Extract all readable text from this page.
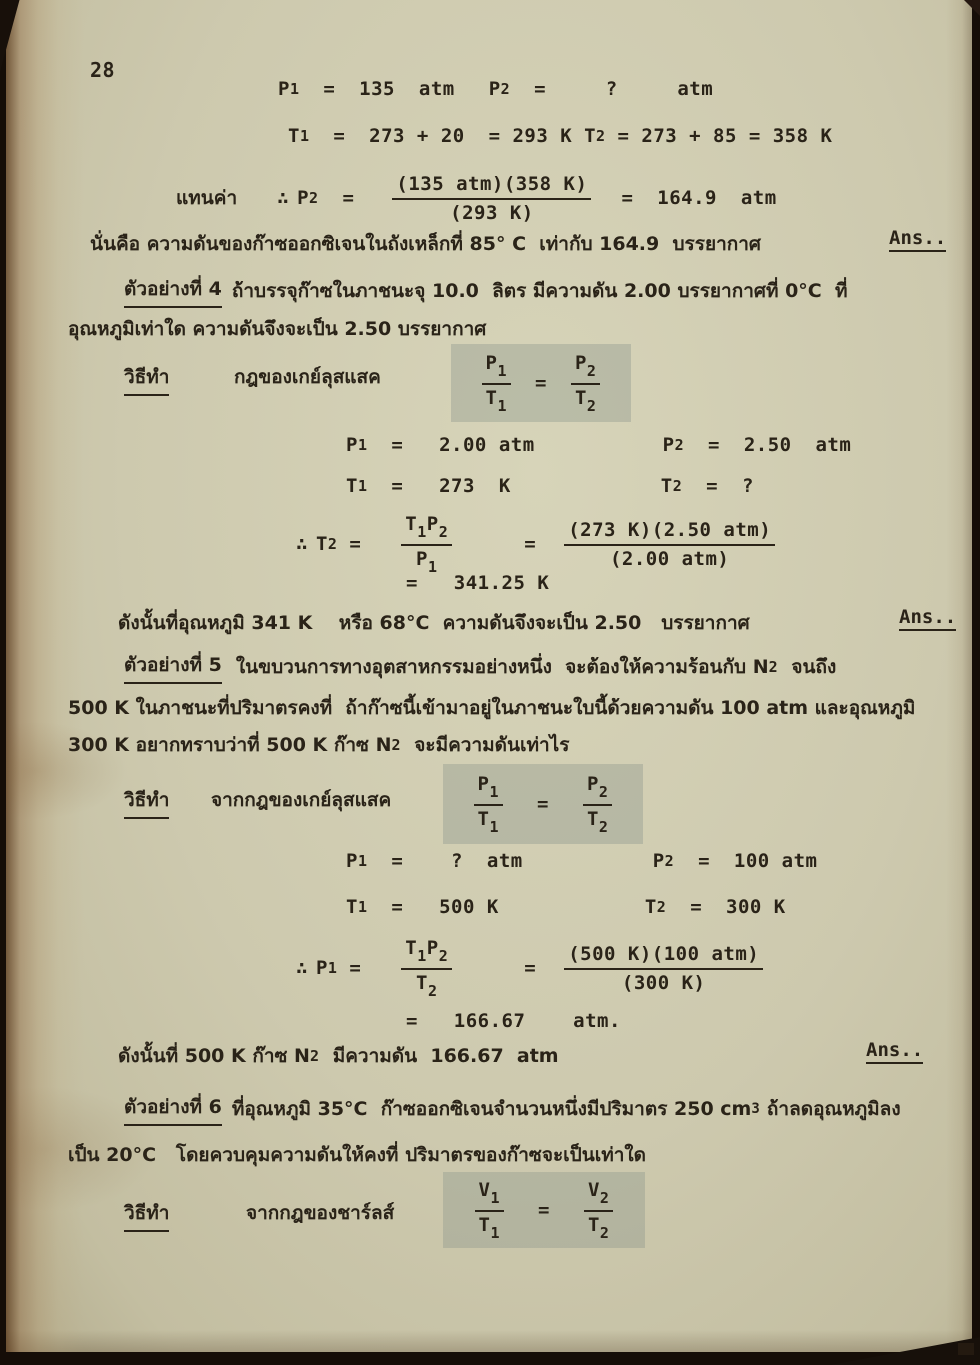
28
P 1 =  135  atm P 2 =     ?     atm
T 1 =  273 + 20  = 293 K T 2 = 273 + 85 = 358 K
แทนค่า ∴ P $2 = \frac{\text{(135 atm)(358 K)}}{(293 K)} = 164.9$  atm
นั่นคือ ความดันของก๊าซออกซิเจนในถังเหล็กที่ 85° C  เท่ากับ 164.9  บรรยากาศ	Ans..
ตัวอย่างที่ 4 ถ้าบรรจุก๊าซในภาชนะจุ 10.0  ลิตร มีความดัน 2.00 บรรยากาศที่ 0°C  ที่
อุณหภูมิเท่าใด ความดันจึงจะเป็น 2.50 บรรยากาศ
วิธีทำ	กฎของเกย์ลุสแสค	$\frac{P_1}{T_1} = \frac{P_2}{T_2}$
P 1 =   2.00 atm	P 2 =  2.50  atm
T 1 =   273  K	T 2 =  ?
∴ T $2 = \frac{T_1P_2}{P_1}$	= $\frac{\text{(273 K)(2.50 atm)}}{\text{(2.00 atm)}}$
=   341.25 K
ดังนั้นที่อุณหภูมิ 341 K    หรือ 68°C  ความดันจึงจะเป็น 2.50   บรรยากาศ	Ans..
ตัวอย่างที่ 5 ในขบวนการทางอุตสาหกรรมอย่างหนึ่ง  จะต้องให้ความร้อนกับ N 2 จนถึง
500 K ในภาชนะที่ปริมาตรคงที่  ถ้าก๊าซนี้เข้ามาอยู่ในภาชนะใบนี้ด้วยความดัน 100 atm และอุณหภูมิ
300 K อยากทราบว่าที่ 500 K ก๊าซ N 2 จะมีความดันเท่าไร
วิธีทำ จากกฎของเกย์ลุสแสค	$\frac{P_1}{T_1} = \frac{P_2}{T_2}$
P 1 =    ?  atm	P 2 =  100 atm
T 1 =   500 K	T 2 =  300 K
∴ P $1 = \frac{T_1P_2}{T_2}$	= $\frac{\text{(500 K)(100 atm)}}{(300 K)}$
=   166.67    atm.
ดังนั้นที่ 500 K ก๊าซ N 2 มีความดัน  166.67  atm	Ans..
ตัวอย่างที่ 6 ที่อุณหภูมิ 35°C  ก๊าซออกซิเจนจำนวนหนึ่งมีปริมาตร 250 cm 3 ถ้าลดอุณหภูมิลง
เป็น 20°C   โดยควบคุมความดันให้คงที่ ปริมาตรของก๊าซจะเป็นเท่าใด
วิธีทำ	จากกฎของชาร์ลส์	$\frac{V_1}{T_1} = \frac{V_2}{T_2}$
